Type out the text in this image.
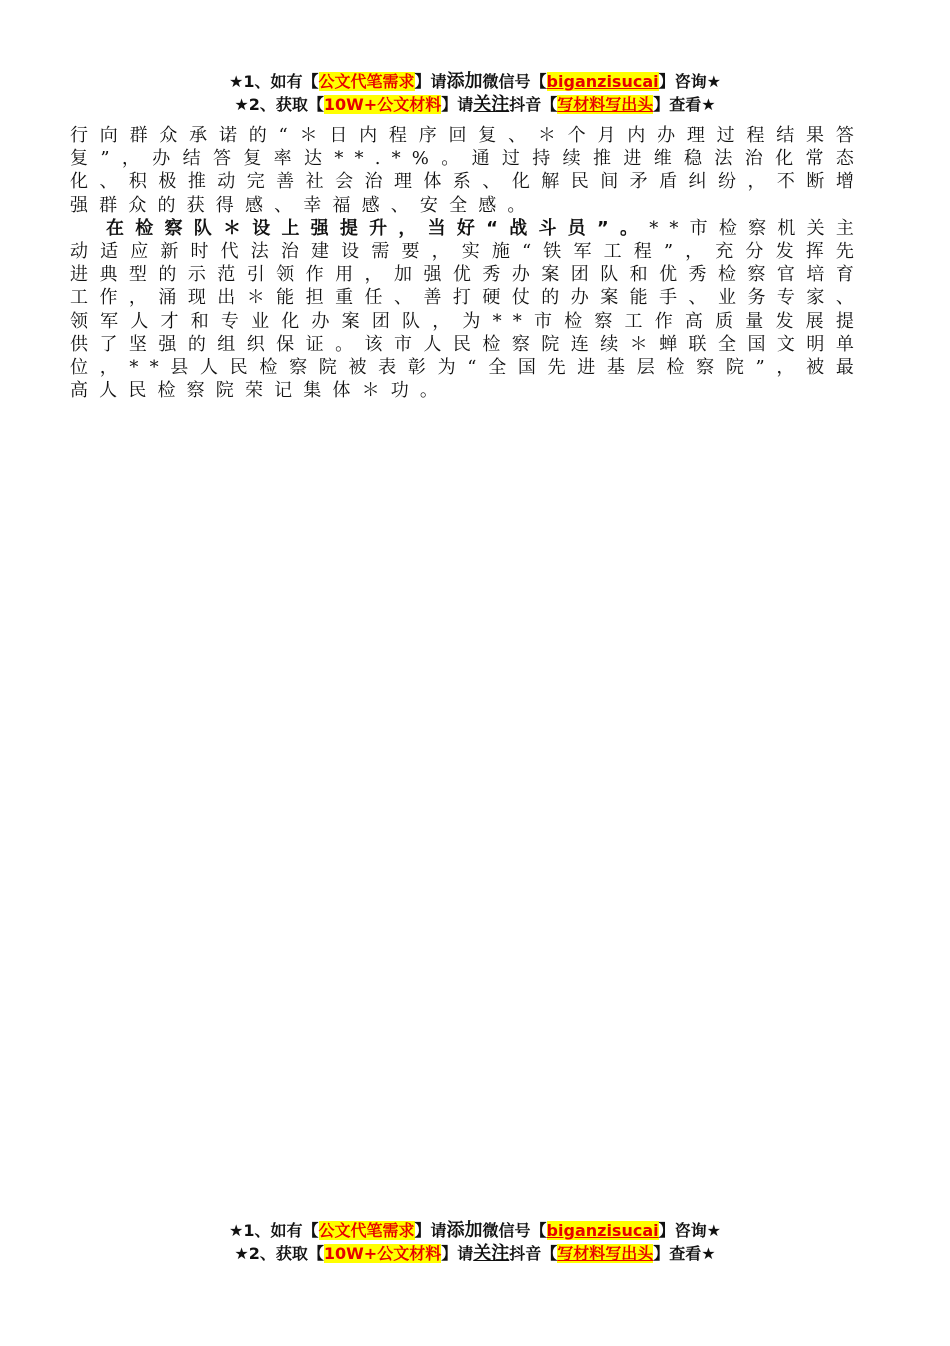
★1、如有【公文代笔需求】请添加微信号【biganzisucai】咨询★
★2、获取【10W+公文材料】请关注抖音【写材料写出头】查看★

行向群众承诺的“＊日内程序回复、＊个月内办理过程结果答复”，办结答复率达**.*%。通过持续推进维稳法治化常态化、积极推动完善社会治理体系、化解民间矛盾纠纷，不断增强群众的获得感、幸福感、安全感。

在检察队＊设上强提升，当好“战斗员”。**市检察机关主动适应新时代法治建设需要，实施“铁军工程”，充分发挥先进典型的示范引领作用，加强优秀办案团队和优秀检察官培育工作，涌现出＊能担重任、善打硬仗的办案能手、业务专家、领军人才和专业化办案团队，为**市检察工作高质量发展提供了坚强的组织保证。该市人民检察院连续＊蝉联全国文明单位，**县人民检察院被表彰为“全国先进基层检察院”，被最高人民检察院荣记集体＊功。

★1、如有【公文代笔需求】请添加微信号【biganzisucai】咨询★
★2、获取【10W+公文材料】请关注抖音【写材料写出头】查看★
